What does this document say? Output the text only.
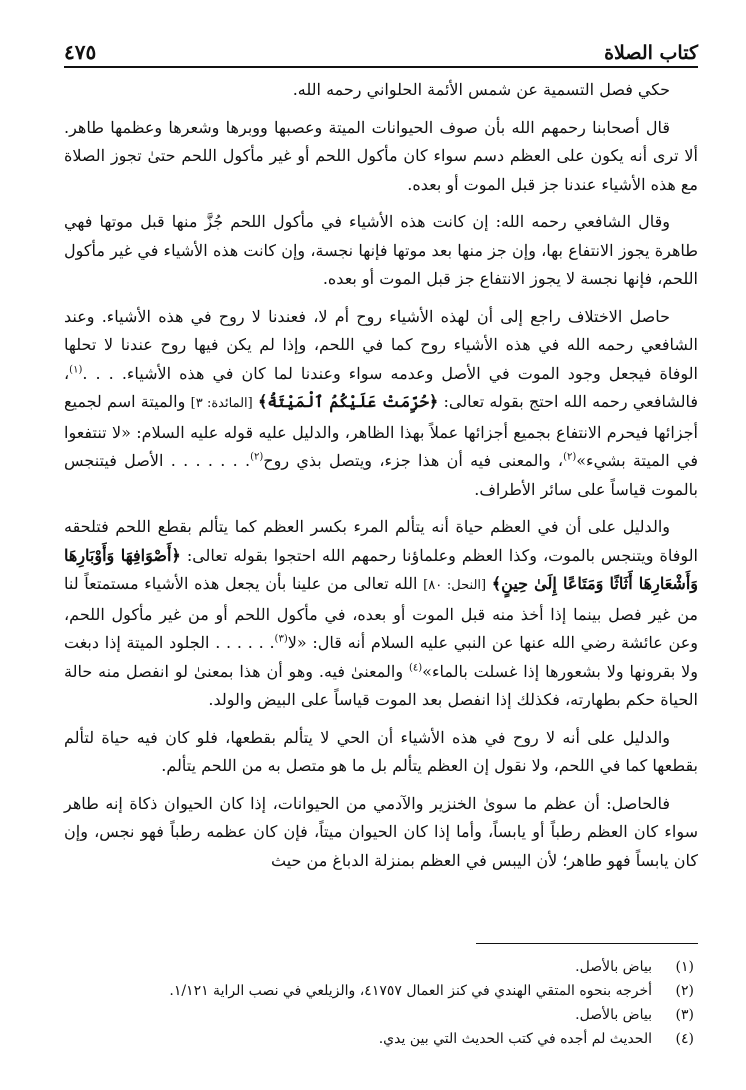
كتاب الصلاة
٤٧٥

حكي فصل التسمية عن شمس الأئمة الحلواني رحمه الله.

قال أصحابنا رحمهم الله بأن صوف الحيوانات الميتة وعصبها ووبرها وشعرها وعظمها طاهر. ألا ترى أنه يكون على العظم دسم سواء كان مأكول اللحم أو غير مأكول اللحم حتىٰ تجوز الصلاة مع هذه الأشياء عندنا جز قبل الموت أو بعده.

وقال الشافعي رحمه الله: إن كانت هذه الأشياء في مأكول اللحم جُزَّ منها قبل موتها فهي طاهرة يجوز الانتفاع بها، وإن جز منها بعد موتها فإنها نجسة، وإن كانت هذه الأشياء في غير مأكول اللحم، فإنها نجسة لا يجوز الانتفاع جز قبل الموت أو بعده.

حاصل الاختلاف راجع إلى أن لهذه الأشياء روح أم لا، فعندنا لا روح في هذه الأشياء. وعند الشافعي رحمه الله في هذه الأشياء روح كما في اللحم، وإذا لم يكن فيها روح عندنا لا تحلها الوفاة فيجعل وجود الموت في الأصل وعدمه سواء وعندنا لما كان في هذه الأشياء. . . .$^{(١)}$، فالشافعي رحمه الله احتج بقوله تعالى: ﴿حُرِّمَتْ عَلَيْكُمُ ٱلْمَيْتَةُ﴾ [المائدة: ٣] والميتة اسم لجميع أجزائها فيحرم الانتفاع بجميع أجزائها عملاً بهذا الظاهر، والدليل عليه قوله عليه السلام: «لا تنتفعوا في الميتة بشيء»$^{(٢)}$، والمعنى فيه أن هذا جزء، ويتصل بذي روح$^{(٢)}$. . . . . . . الأصل فيتنجس بالموت قياساً على سائر الأطراف.

والدليل على أن في العظم حياة أنه يتألم المرء بكسر العظم كما يتألم بقطع اللحم فتلحقه الوفاة ويتنجس بالموت، وكذا العظم وعلماؤنا رحمهم الله احتجوا بقوله تعالى: ﴿أَصْوَافِهَا وَأَوْبَارِهَا وَأَشْعَارِهَا أَثَاثًا وَمَتَاعًا إِلَىٰ حِينٍ﴾ [النحل: ٨٠] الله تعالى من علينا بأن يجعل هذه الأشياء مستمتعاً لنا من غير فصل بينما إذا أخذ منه قبل الموت أو بعده، في مأكول اللحم أو من غير مأكول اللحم، وعن عائشة رضي الله عنها عن النبي عليه السلام أنه قال: «لا$^{(٣)}$. . . . . . الجلود الميتة إذا دبغت ولا بقرونها ولا بشعورها إذا غسلت بالماء»$^{(٤)}$ والمعنىٰ فيه. وهو أن هذا بمعنىٰ لو انفصل منه حالة الحياة حكم بطهارته، فكذلك إذا انفصل بعد الموت قياساً على البيض والولد.

والدليل على أنه لا روح في هذه الأشياء أن الحي لا يتألم بقطعها، فلو كان فيه حياة لتألم بقطعها كما في اللحم، ولا نقول إن العظم يتألم بل ما هو متصل به من اللحم يتألم.

فالحاصل: أن عظم ما سوىٰ الخنزير والآدمي من الحيوانات، إذا كان الحيوان ذكاة إنه طاهر سواء كان العظم رطباً أو يابساً، وأما إذا كان الحيوان ميتاً، فإن كان عظمه رطباً فهو نجس، وإن كان يابساً فهو طاهر؛ لأن اليبس في العظم بمنزلة الدباغ من حيث

(١)
بياض بالأصل.
(٢)
أخرجه بنحوه المتقي الهندي في كنز العمال ٤١٧٥٧، والزيلعي في نصب الراية ١/١٢١.
(٣)
بياض بالأصل.
(٤)
الحديث لم أجده في كتب الحديث التي بين يدي.
